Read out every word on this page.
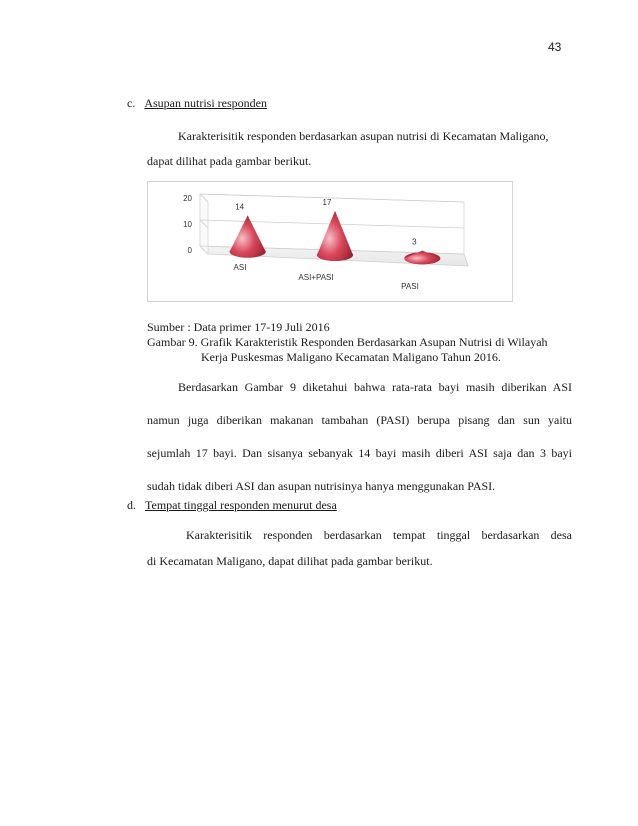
43
c. Asupan nutrisi responden
Karakterisitik responden berdasarkan asupan nutrisi di Kecamatan Maligano,
dapat dilihat pada gambar berikut.
0
10
20
14
ASI
17
ASI+PASI
3
PASI
Sumber : Data primer 17-19 Juli 2016
Gambar 9. Grafik Karakteristik Responden Berdasarkan Asupan Nutrisi di Wilayah
Kerja Puskesmas Maligano Kecamatan Maligano Tahun 2016.
Berdasarkan Gambar 9 diketahui bahwa rata-rata bayi masih diberikan ASI
namun juga diberikan makanan tambahan (PASI) berupa pisang dan sun yaitu
sejumlah 17 bayi. Dan sisanya sebanyak 14 bayi masih diberi ASI saja dan 3 bayi
sudah tidak diberi ASI dan asupan nutrisinya hanya menggunakan PASI.
d. Tempat tinggal responden menurut desa
Karakterisitik responden berdasarkan tempat tinggal berdasarkan desa
di Kecamatan Maligano, dapat dilihat pada gambar berikut.
